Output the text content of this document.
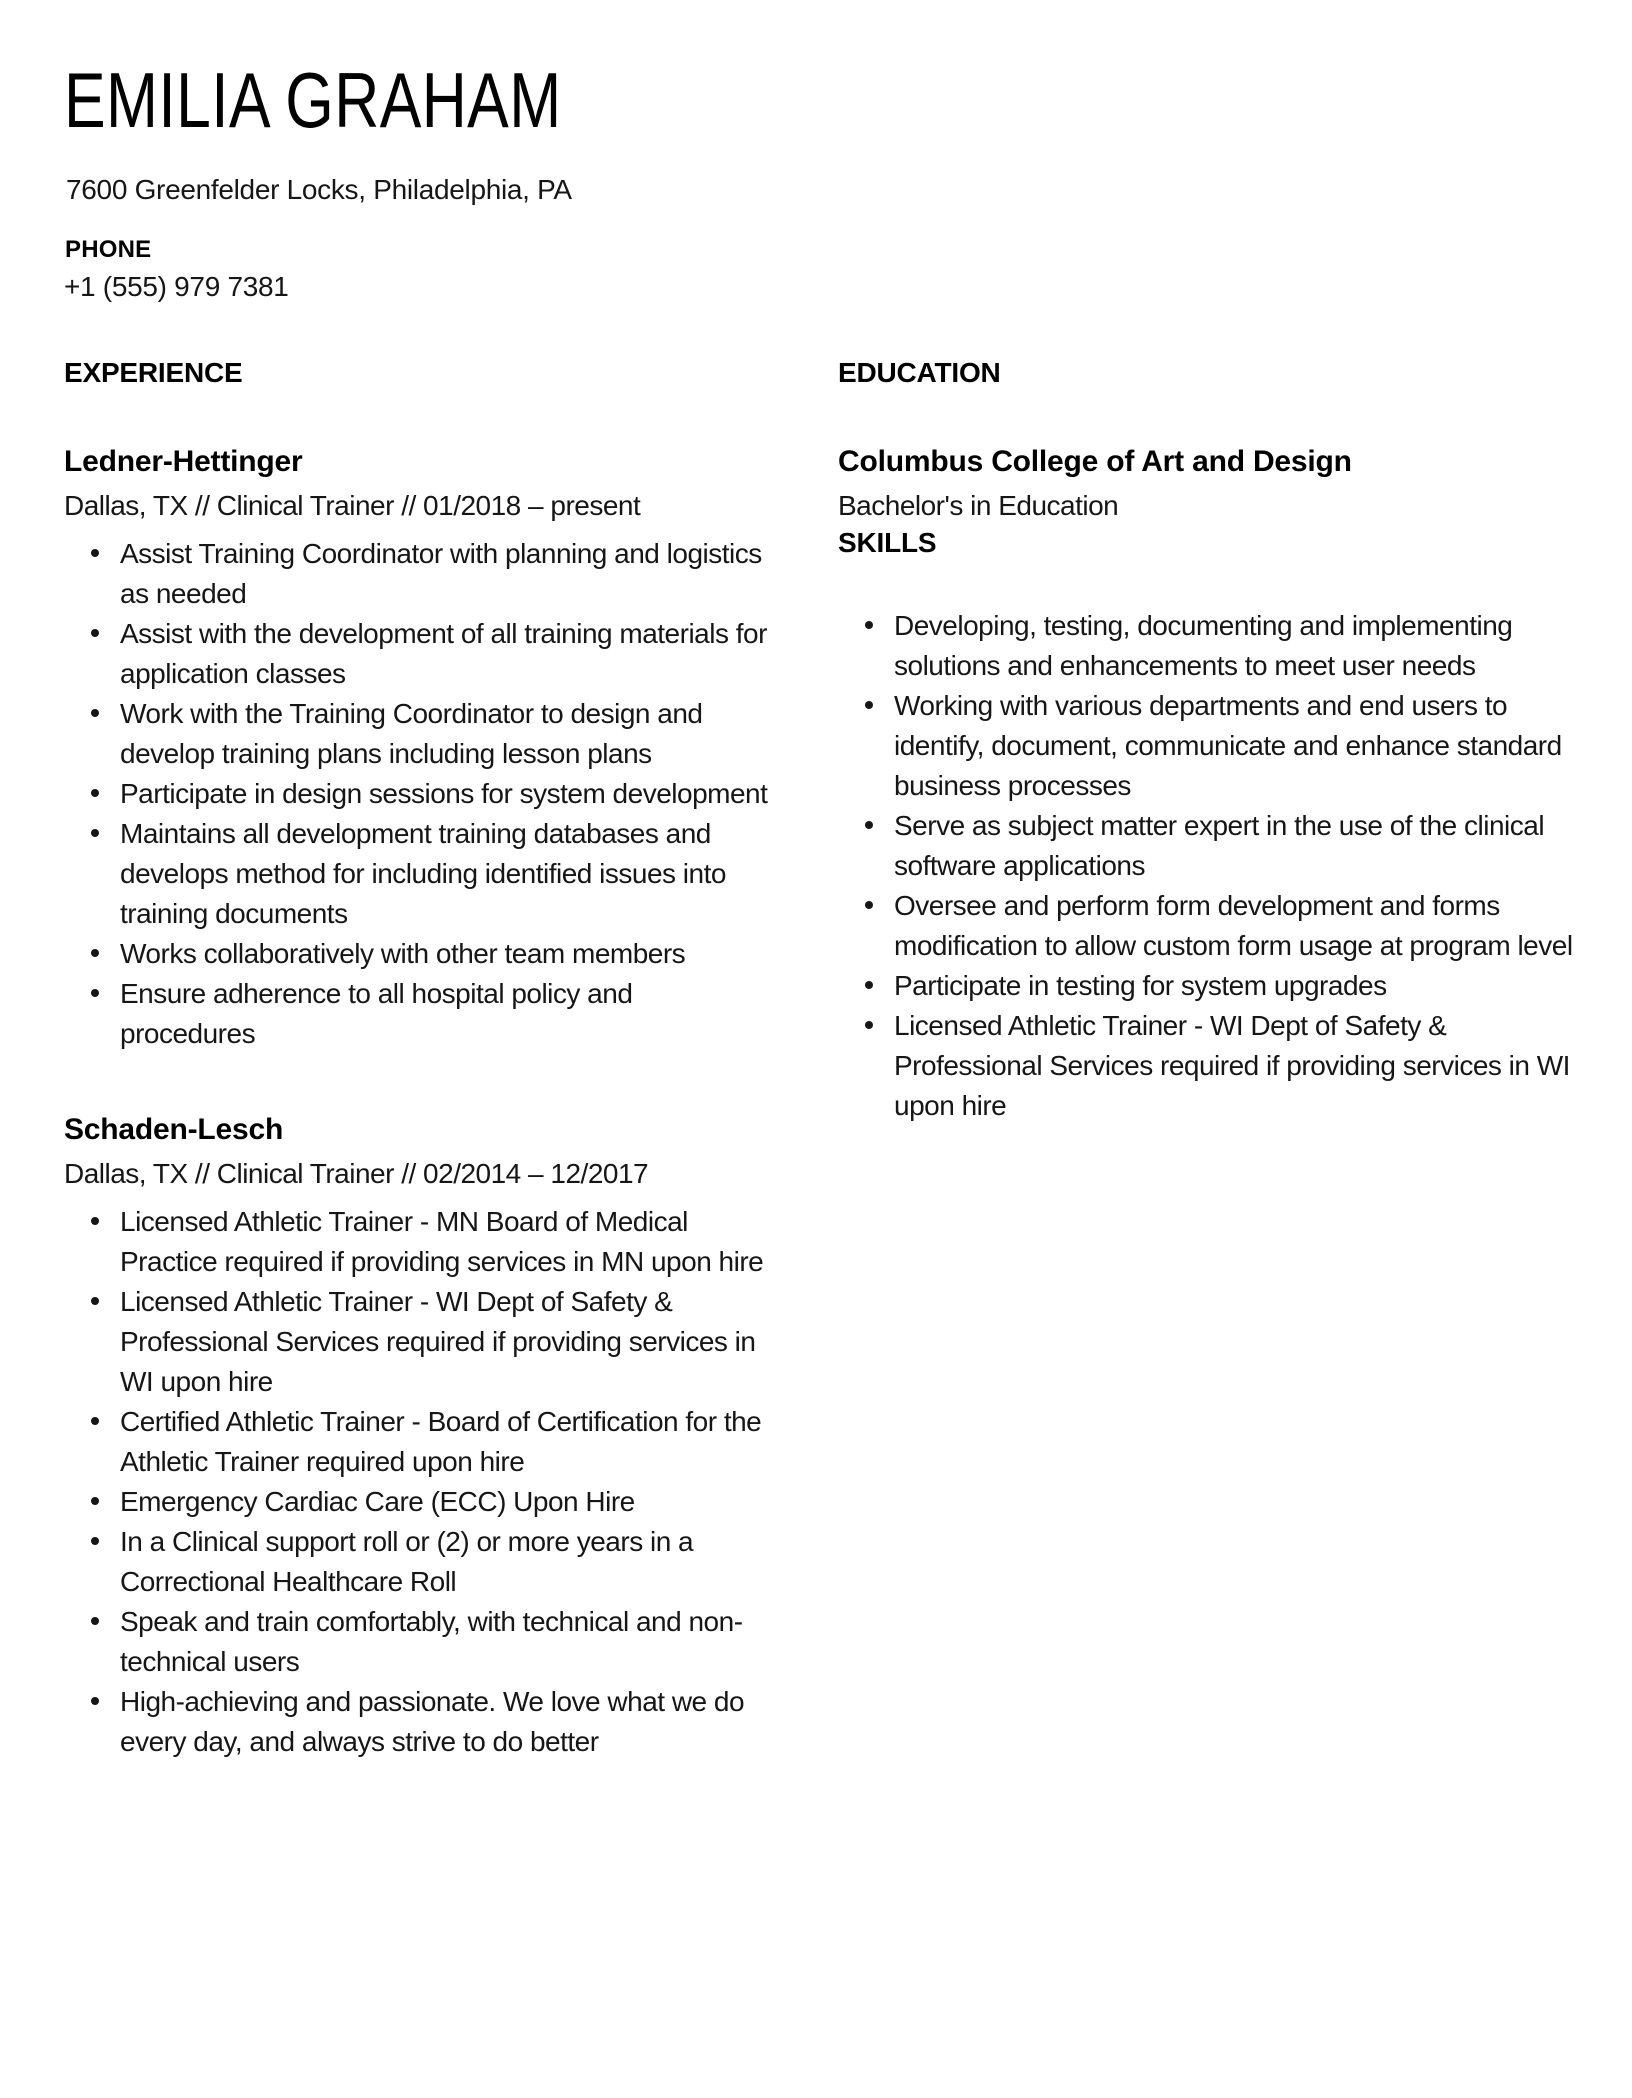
EMILIA GRAHAM
7600 Greenfelder Locks, Philadelphia, PA
PHONE
+1 (555) 979 7381
EXPERIENCE
Ledner-Hettinger
Dallas, TX // Clinical Trainer // 01/2018 – present
Assist Training Coordinator with planning and logistics as needed
Assist with the development of all training materials for application classes
Work with the Training Coordinator to design and develop training plans including lesson plans
Participate in design sessions for system development
Maintains all development training databases and develops method for including identified issues into training documents
Works collaboratively with other team members
Ensure adherence to all hospital policy and procedures
Schaden-Lesch
Dallas, TX // Clinical Trainer // 02/2014 – 12/2017
Licensed Athletic Trainer - MN Board of Medical Practice required if providing services in MN upon hire
Licensed Athletic Trainer - WI Dept of Safety & Professional Services required if providing services in WI upon hire
Certified Athletic Trainer - Board of Certification for the Athletic Trainer required upon hire
Emergency Cardiac Care (ECC) Upon Hire
In a Clinical support roll or (2) or more years in a Correctional Healthcare Roll
Speak and train comfortably, with technical and non-technical users
High-achieving and passionate. We love what we do every day, and always strive to do better
EDUCATION
Columbus College of Art and Design
Bachelor's in Education
SKILLS
Developing, testing, documenting and implementing solutions and enhancements to meet user needs
Working with various departments and end users to identify, document, communicate and enhance standard business processes
Serve as subject matter expert in the use of the clinical software applications
Oversee and perform form development and forms modification to allow custom form usage at program level
Participate in testing for system upgrades
Licensed Athletic Trainer - WI Dept of Safety & Professional Services required if providing services in WI upon hire
